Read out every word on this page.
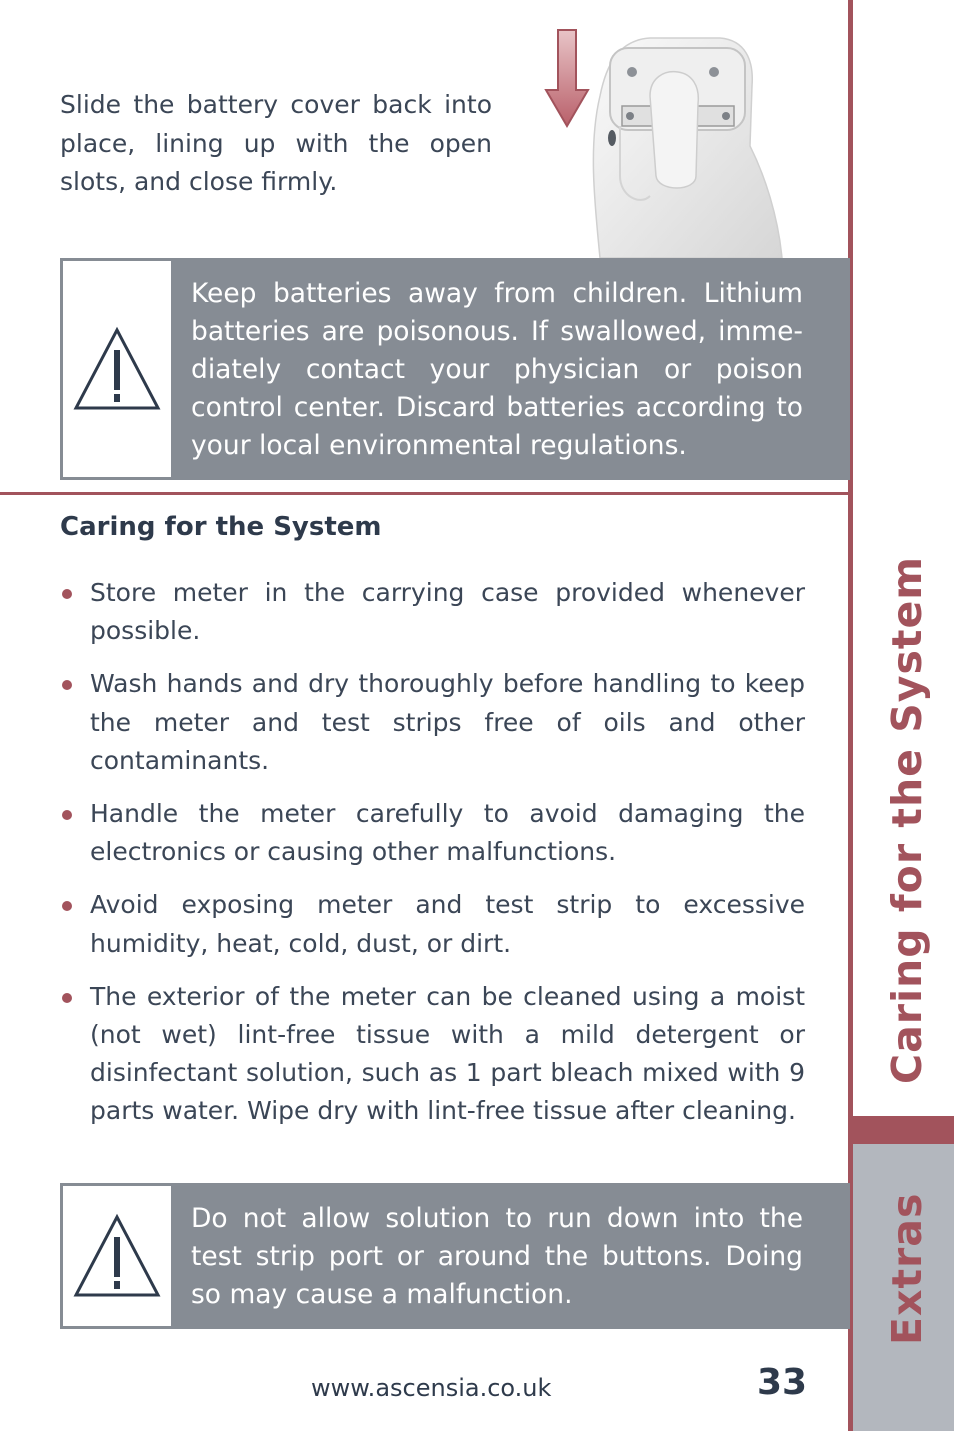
Caring for the System
Extras

Slide the battery cover back into place, lining up with the open slots, and close firmly.

Keep batteries away from children. Lithium batteries are poisonous. If swallowed, imme-diately contact your physician or poison control center. Discard batteries according to your local environmental regulations.
Caring for the System
Store meter in the carrying case provided whenever possible.
Wash hands and dry thoroughly before handling to keep the meter and test strips free of oils and other contaminants.
Handle the meter carefully to avoid damaging the electronics or causing other malfunctions.
Avoid exposing meter and test strip to excessive humidity, heat, cold, dust, or dirt.
The exterior of the meter can be cleaned using a moist (not wet) lint-free tissue with a mild detergent or disinfectant solution, such as 1 part bleach mixed with 9 parts water. Wipe dry with lint-free tissue after cleaning.
Do not allow solution to run down into the test strip port or around the buttons. Doing so may cause a malfunction.
www.ascensia.co.uk	33
